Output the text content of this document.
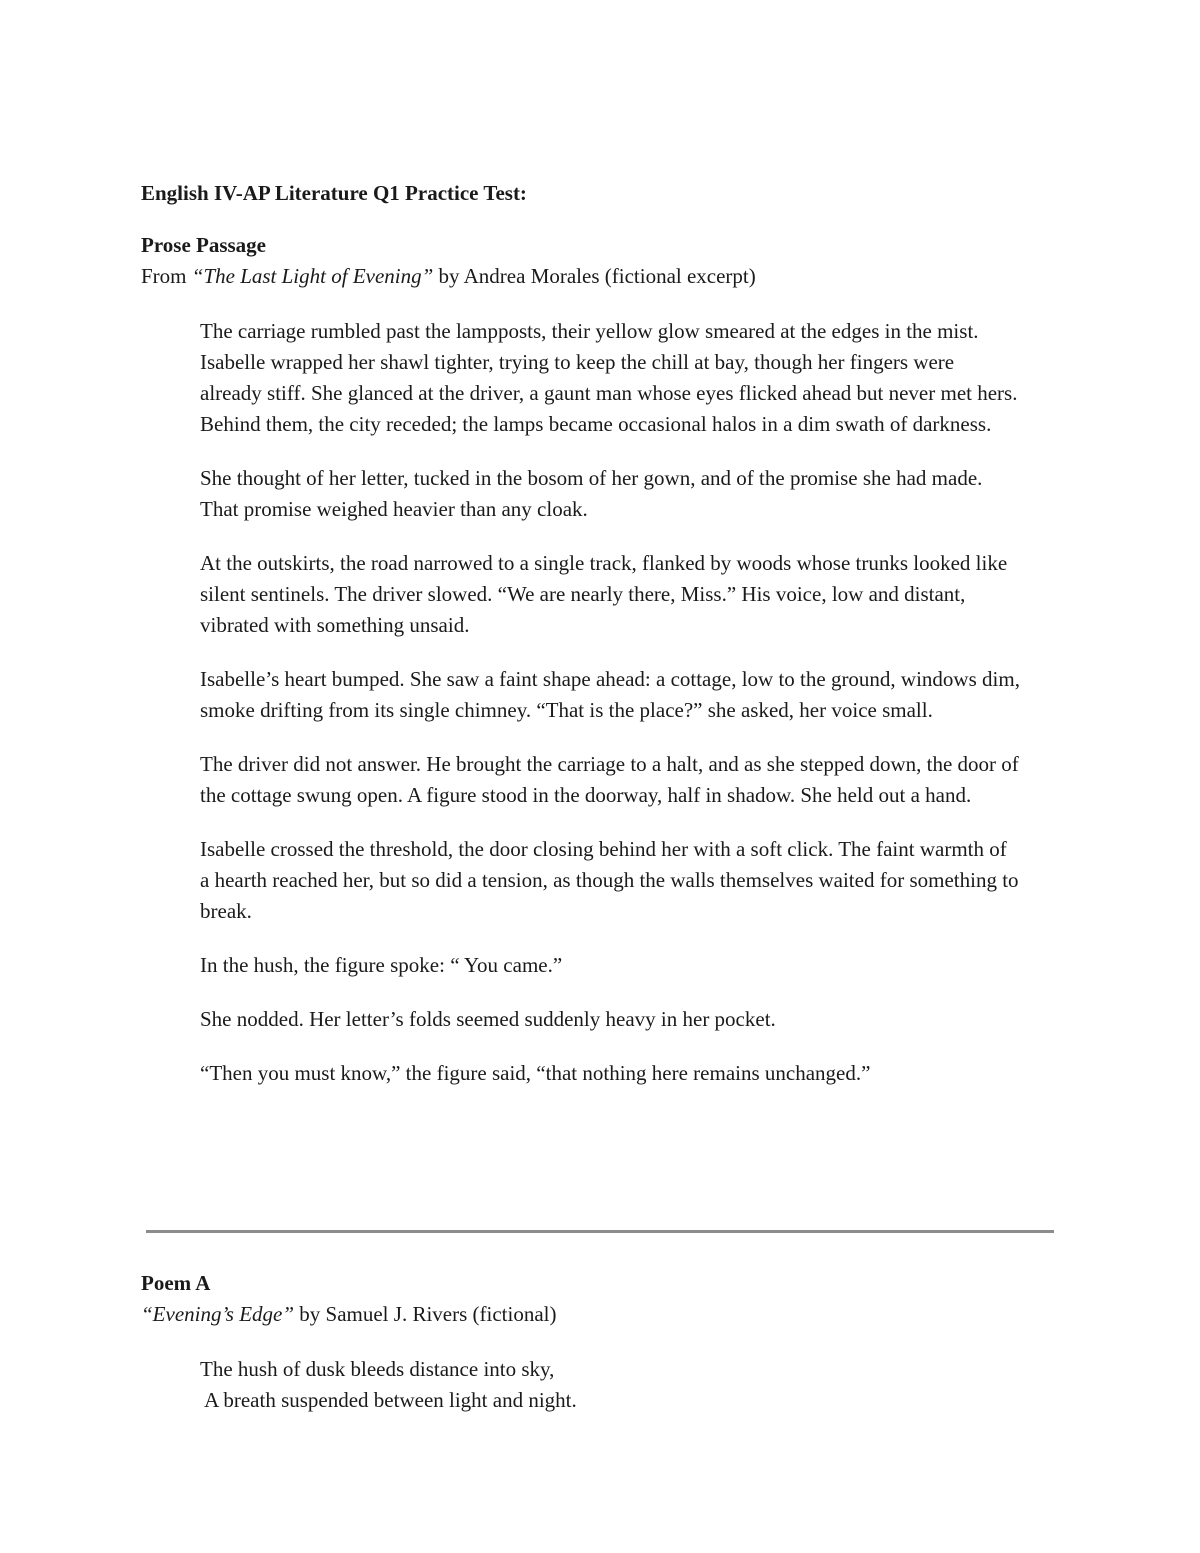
English IV-AP Literature Q1 Practice Test:
Prose Passage

From “The Last Light of Evening” by Andrea Morales (fictional excerpt)

The carriage rumbled past the lampposts, their yellow glow smeared at the edges in the mist. Isabelle wrapped her shawl tighter, trying to keep the chill at bay, though her fingers were already stiff. She glanced at the driver, a gaunt man whose eyes flicked ahead but never met hers. Behind them, the city receded; the lamps became occasional halos in a dim swath of darkness.

She thought of her letter, tucked in the bosom of her gown, and of the promise she had made. That promise weighed heavier than any cloak.

At the outskirts, the road narrowed to a single track, flanked by woods whose trunks looked like silent sentinels. The driver slowed. “We are nearly there, Miss.” His voice, low and distant, vibrated with something unsaid.

Isabelle’s heart bumped. She saw a faint shape ahead: a cottage, low to the ground, windows dim, smoke drifting from its single chimney. “That is the place?” she asked, her voice small.

The driver did not answer. He brought the carriage to a halt, and as she stepped down, the door of the cottage swung open. A figure stood in the doorway, half in shadow. She held out a hand.

Isabelle crossed the threshold, the door closing behind her with a soft click. The faint warmth of a hearth reached her, but so did a tension, as though the walls themselves waited for something to break.

In the hush, the figure spoke: “ You came.”

She nodded. Her letter’s folds seemed suddenly heavy in her pocket.

“Then you must know,” the figure said, “that nothing here remains unchanged.”

Poem A

“Evening’s Edge” by Samuel J. Rivers (fictional)

The hush of dusk bleeds distance into sky,
A breath suspended between light and night.
